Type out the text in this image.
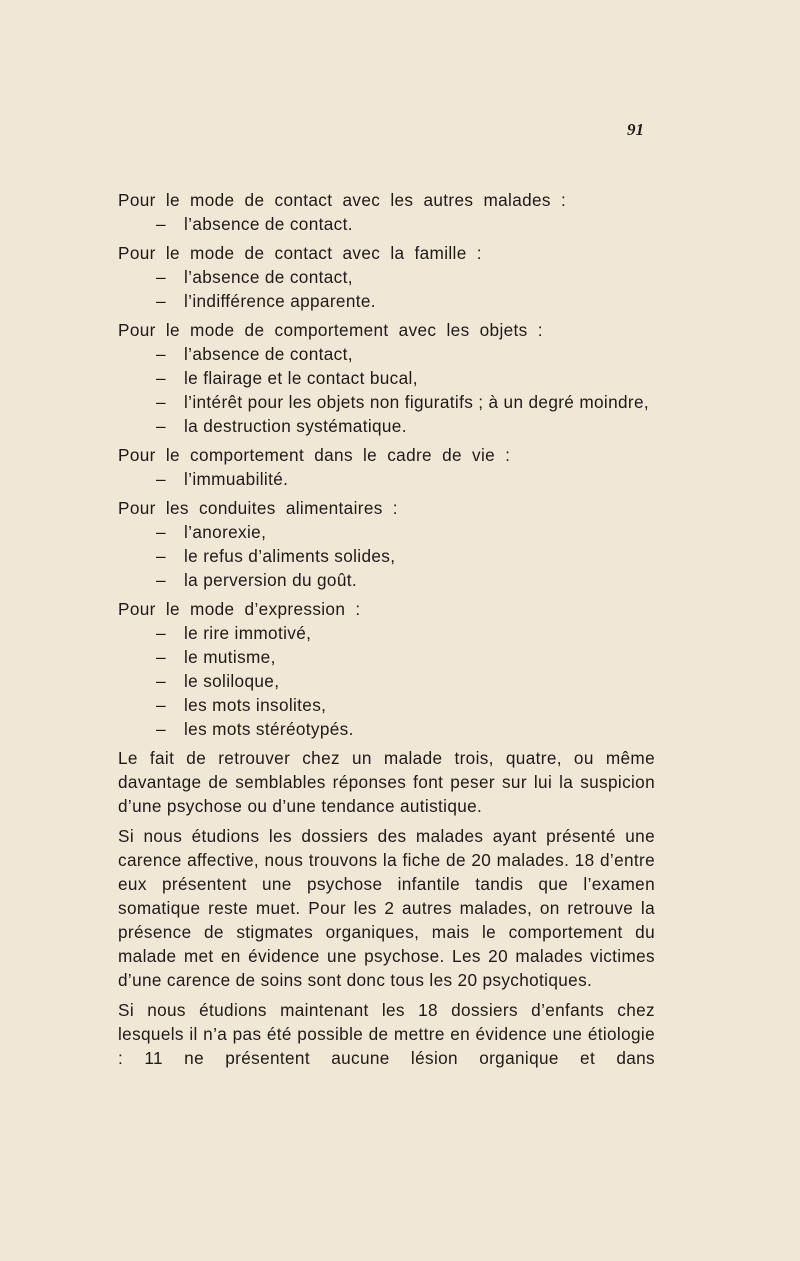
91
Pour le mode de contact avec les autres malades :
–	l’absence de contact.
Pour le mode de contact avec la famille :
–	l’absence de contact,
–	l’indifférence apparente.
Pour le mode de comportement avec les objets :
–	l’absence de contact,
–	le flairage et le contact bucal,
–	l’intérêt pour les objets non figuratifs ; à un degré moindre,
–	la destruction systématique.
Pour le comportement dans le cadre de vie :
–	l’immuabilité.
Pour les conduites alimentaires :
–	l’anorexie,
–	le refus d’aliments solides,
–	la perversion du goût.
Pour le mode d’expression :
–	le rire immotivé,
–	le mutisme,
–	le soliloque,
–	les mots insolites,
–	les mots stéréotypés.

Le fait de retrouver chez un malade trois, quatre, ou même davantage de semblables réponses font peser sur lui la suspicion d’une psychose ou d’une tendance autistique.

Si nous étudions les dossiers des malades ayant présenté une carence affective, nous trouvons la fiche de 20 malades. 18 d’entre eux présentent une psychose infantile tandis que l’examen somatique reste muet. Pour les 2 autres malades, on retrouve la présence de stigmates organiques, mais le comportement du malade met en évidence une psychose. Les 20 malades victimes d’une carence de soins sont donc tous les 20 psychotiques.

Si nous étudions maintenant les 18 dossiers d’enfants chez lesquels il n’a pas été possible de mettre en évidence une étiologie : 11 ne présentent aucune lésion organique et dans
